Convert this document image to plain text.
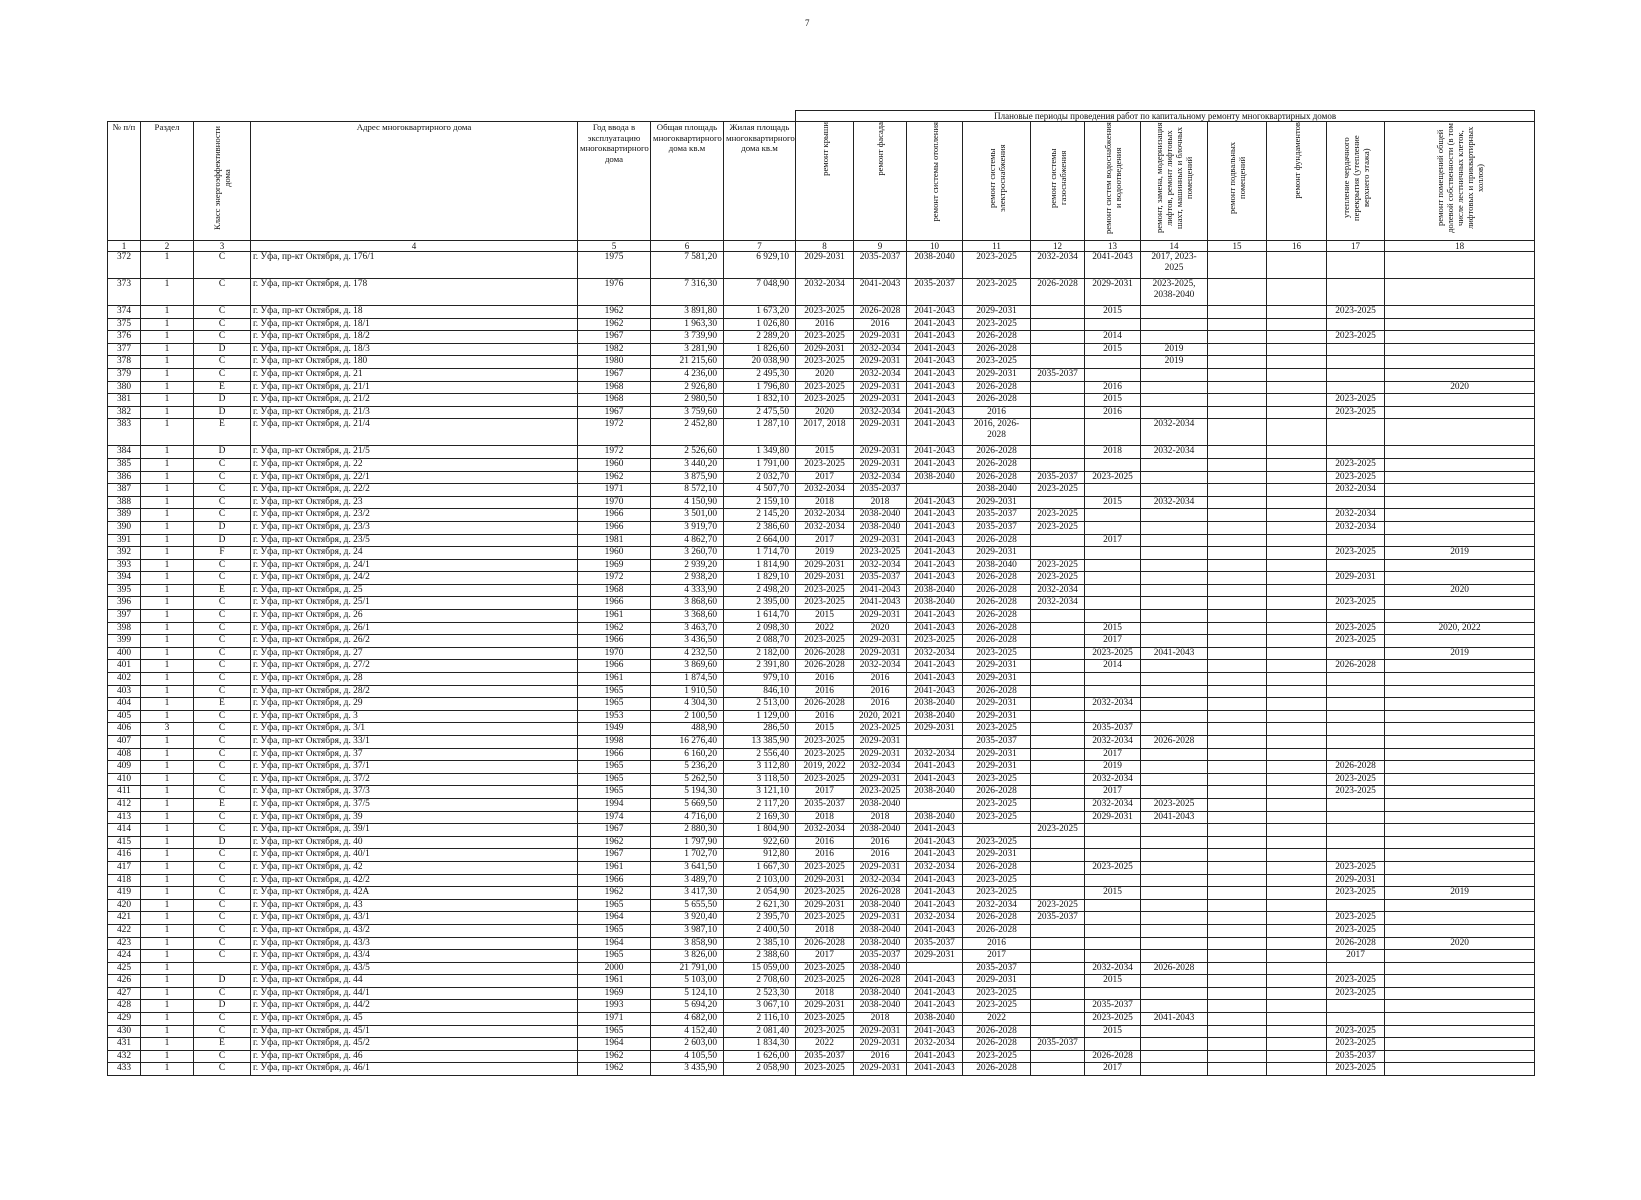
7
							Плановые периоды проведения работ по капитальному ремонту многоквартирных домов										
№ п/п	Раздел	Класс энергоэффективности дома	Адрес многоквартирного дома	Год ввода в эксплуатацию многоквартирного дома	Общая площадь многоквартирного дома кв.м	Жилая площадь многоквартирного дома кв.м	ремонт крыши	ремонт фасада	ремонт системы отопления	ремонт системы электроснабжения	ремонт системы газоснабжения	ремонт систем водоснабжения и водоотведения	ремонт, замена, модернизация лифтов, ремонт лифтовых шахт, машинных и блочных помещений	ремонт подвальных помещений	ремонт фундаментов	утепление чердачного перекрытия (утепление верхнего этажа)	ремонт помещений общей долевой собственности (в том числе лестничных клеток, лифтовых и приквартирных холлов)
1	2	3	4	5	6	7	8	9	10	11	12	13	14	15	16	17	18
372	1	C	г. Уфа, пр-кт Октября, д. 176/1	1975	7 581,20	6 929,10	2029-2031	2035-2037	2038-2040	2023-2025	2032-2034	2041-2043	2017, 2023-2025				
373	1	C	г. Уфа, пр-кт Октября, д. 178	1976	7 316,30	7 048,90	2032-2034	2041-2043	2035-2037	2023-2025	2026-2028	2029-2031	2023-2025, 2038-2040				
374	1	C	г. Уфа, пр-кт Октября, д. 18	1962	3 891,80	1 673,20	2023-2025	2026-2028	2041-2043	2029-2031		2015				2023-2025	
375	1	C	г. Уфа, пр-кт Октября, д. 18/1	1962	1 963,30	1 026,80	2016	2016	2041-2043	2023-2025							
376	1	C	г. Уфа, пр-кт Октября, д. 18/2	1967	3 739,90	2 289,20	2023-2025	2029-2031	2041-2043	2026-2028		2014				2023-2025	
377	1	D	г. Уфа, пр-кт Октября, д. 18/3	1982	3 281,90	1 826,60	2029-2031	2032-2034	2041-2043	2026-2028		2015	2019				
378	1	C	г. Уфа, пр-кт Октября, д. 180	1980	21 215,60	20 038,90	2023-2025	2029-2031	2041-2043	2023-2025			2019				
379	1	C	г. Уфа, пр-кт Октября, д. 21	1967	4 236,00	2 495,30	2020	2032-2034	2041-2043	2029-2031	2035-2037						
380	1	E	г. Уфа, пр-кт Октября, д. 21/1	1968	2 926,80	1 796,80	2023-2025	2029-2031	2041-2043	2026-2028		2016					2020
381	1	D	г. Уфа, пр-кт Октября, д. 21/2	1968	2 980,50	1 832,10	2023-2025	2029-2031	2041-2043	2026-2028		2015				2023-2025	
382	1	D	г. Уфа, пр-кт Октября, д. 21/3	1967	3 759,60	2 475,50	2020	2032-2034	2041-2043	2016		2016				2023-2025	
383	1	E	г. Уфа, пр-кт Октября, д. 21/4	1972	2 452,80	1 287,10	2017, 2018	2029-2031	2041-2043	2016, 2026-2028			2032-2034				
384	1	D	г. Уфа, пр-кт Октября, д. 21/5	1972	2 526,60	1 349,80	2015	2029-2031	2041-2043	2026-2028		2018	2032-2034				
385	1	C	г. Уфа, пр-кт Октября, д. 22	1960	3 440,20	1 791,00	2023-2025	2029-2031	2041-2043	2026-2028						2023-2025	
386	1	C	г. Уфа, пр-кт Октября, д. 22/1	1962	3 875,90	2 032,70	2017	2032-2034	2038-2040	2026-2028	2035-2037	2023-2025				2023-2025	
387	1	C	г. Уфа, пр-кт Октября, д. 22/2	1971	8 572,10	4 507,70	2032-2034	2035-2037		2038-2040	2023-2025					2032-2034	
388	1	C	г. Уфа, пр-кт Октября, д. 23	1970	4 150,90	2 159,10	2018	2018	2041-2043	2029-2031		2015	2032-2034				
389	1	C	г. Уфа, пр-кт Октября, д. 23/2	1966	3 501,00	2 145,20	2032-2034	2038-2040	2041-2043	2035-2037	2023-2025					2032-2034	
390	1	D	г. Уфа, пр-кт Октября, д. 23/3	1966	3 919,70	2 386,60	2032-2034	2038-2040	2041-2043	2035-2037	2023-2025					2032-2034	
391	1	D	г. Уфа, пр-кт Октября, д. 23/5	1981	4 862,70	2 664,00	2017	2029-2031	2041-2043	2026-2028		2017					
392	1	F	г. Уфа, пр-кт Октября, д. 24	1960	3 260,70	1 714,70	2019	2023-2025	2041-2043	2029-2031						2023-2025	2019
393	1	C	г. Уфа, пр-кт Октября, д. 24/1	1969	2 939,20	1 814,90	2029-2031	2032-2034	2041-2043	2038-2040	2023-2025						
394	1	C	г. Уфа, пр-кт Октября, д. 24/2	1972	2 938,20	1 829,10	2029-2031	2035-2037	2041-2043	2026-2028	2023-2025					2029-2031	
395	1	E	г. Уфа, пр-кт Октября, д. 25	1968	4 333,90	2 498,20	2023-2025	2041-2043	2038-2040	2026-2028	2032-2034						2020
396	1	C	г. Уфа, пр-кт Октября, д. 25/1	1966	3 868,60	2 395,00	2023-2025	2041-2043	2038-2040	2026-2028	2032-2034					2023-2025	
397	1	C	г. Уфа, пр-кт Октября, д. 26	1961	3 368,60	1 614,70	2015	2029-2031	2041-2043	2026-2028							
398	1	C	г. Уфа, пр-кт Октября, д. 26/1	1962	3 463,70	2 098,30	2022	2020	2041-2043	2026-2028		2015				2023-2025	2020, 2022
399	1	C	г. Уфа, пр-кт Октября, д. 26/2	1966	3 436,50	2 088,70	2023-2025	2029-2031	2023-2025	2026-2028		2017				2023-2025	
400	1	C	г. Уфа, пр-кт Октября, д. 27	1970	4 232,50	2 182,00	2026-2028	2029-2031	2032-2034	2023-2025		2023-2025	2041-2043				2019
401	1	C	г. Уфа, пр-кт Октября, д. 27/2	1966	3 869,60	2 391,80	2026-2028	2032-2034	2041-2043	2029-2031		2014				2026-2028	
402	1	C	г. Уфа, пр-кт Октября, д. 28	1961	1 874,50	979,10	2016	2016	2041-2043	2029-2031							
403	1	C	г. Уфа, пр-кт Октября, д. 28/2	1965	1 910,50	846,10	2016	2016	2041-2043	2026-2028							
404	1	E	г. Уфа, пр-кт Октября, д. 29	1965	4 304,30	2 513,00	2026-2028	2016	2038-2040	2029-2031		2032-2034					
405	1	C	г. Уфа, пр-кт Октября, д. 3	1953	2 100,50	1 129,00	2016	2020, 2021	2038-2040	2029-2031							
406	3	C	г. Уфа, пр-кт Октября, д. 3/1	1949	488,90	286,50	2015	2023-2025	2029-2031	2023-2025		2035-2037					
407	1	C	г. Уфа, пр-кт Октября, д. 33/1	1998	16 276,40	13 385,90	2023-2025	2029-2031		2035-2037		2032-2034	2026-2028				
408	1	C	г. Уфа, пр-кт Октября, д. 37	1966	6 160,20	2 556,40	2023-2025	2029-2031	2032-2034	2029-2031		2017					
409	1	C	г. Уфа, пр-кт Октября, д. 37/1	1965	5 236,20	3 112,80	2019, 2022	2032-2034	2041-2043	2029-2031		2019				2026-2028	
410	1	C	г. Уфа, пр-кт Октября, д. 37/2	1965	5 262,50	3 118,50	2023-2025	2029-2031	2041-2043	2023-2025		2032-2034				2023-2025	
411	1	C	г. Уфа, пр-кт Октября, д. 37/3	1965	5 194,30	3 121,10	2017	2023-2025	2038-2040	2026-2028		2017				2023-2025	
412	1	E	г. Уфа, пр-кт Октября, д. 37/5	1994	5 669,50	2 117,20	2035-2037	2038-2040		2023-2025		2032-2034	2023-2025				
413	1	C	г. Уфа, пр-кт Октября, д. 39	1974	4 716,00	2 169,30	2018	2018	2038-2040	2023-2025		2029-2031	2041-2043				
414	1	C	г. Уфа, пр-кт Октября, д. 39/1	1967	2 880,30	1 804,90	2032-2034	2038-2040	2041-2043		2023-2025						
415	1	D	г. Уфа, пр-кт Октября, д. 40	1962	1 797,90	922,60	2016	2016	2041-2043	2023-2025							
416	1	C	г. Уфа, пр-кт Октября, д. 40/1	1967	1 702,70	912,80	2016	2016	2041-2043	2029-2031							
417	1	C	г. Уфа, пр-кт Октября, д. 42	1961	3 641,50	1 667,30	2023-2025	2029-2031	2032-2034	2026-2028		2023-2025				2023-2025	
418	1	C	г. Уфа, пр-кт Октября, д. 42/2	1966	3 489,70	2 103,00	2029-2031	2032-2034	2041-2043	2023-2025						2029-2031	
419	1	C	г. Уфа, пр-кт Октября, д. 42А	1962	3 417,30	2 054,90	2023-2025	2026-2028	2041-2043	2023-2025		2015				2023-2025	2019
420	1	C	г. Уфа, пр-кт Октября, д. 43	1965	5 655,50	2 621,30	2029-2031	2038-2040	2041-2043	2032-2034	2023-2025						
421	1	C	г. Уфа, пр-кт Октября, д. 43/1	1964	3 920,40	2 395,70	2023-2025	2029-2031	2032-2034	2026-2028	2035-2037					2023-2025	
422	1	C	г. Уфа, пр-кт Октября, д. 43/2	1965	3 987,10	2 400,50	2018	2038-2040	2041-2043	2026-2028						2023-2025	
423	1	C	г. Уфа, пр-кт Октября, д. 43/3	1964	3 858,90	2 385,10	2026-2028	2038-2040	2035-2037	2016						2026-2028	2020
424	1	C	г. Уфа, пр-кт Октября, д. 43/4	1965	3 826,00	2 388,60	2017	2035-2037	2029-2031	2017						2017	
425	1		г. Уфа, пр-кт Октября, д. 43/5	2000	21 791,00	15 059,00	2023-2025	2038-2040		2035-2037		2032-2034	2026-2028				
426	1	D	г. Уфа, пр-кт Октября, д. 44	1961	5 103,00	2 708,60	2023-2025	2026-2028	2041-2043	2029-2031		2015				2023-2025	
427	1	C	г. Уфа, пр-кт Октября, д. 44/1	1969	5 124,10	2 523,30	2018	2038-2040	2041-2043	2023-2025						2023-2025	
428	1	D	г. Уфа, пр-кт Октября, д. 44/2	1993	5 694,20	3 067,10	2029-2031	2038-2040	2041-2043	2023-2025		2035-2037					
429	1	C	г. Уфа, пр-кт Октября, д. 45	1971	4 682,00	2 116,10	2023-2025	2018	2038-2040	2022		2023-2025	2041-2043				
430	1	C	г. Уфа, пр-кт Октября, д. 45/1	1965	4 152,40	2 081,40	2023-2025	2029-2031	2041-2043	2026-2028		2015				2023-2025	
431	1	E	г. Уфа, пр-кт Октября, д. 45/2	1964	2 603,00	1 834,30	2022	2029-2031	2032-2034	2026-2028	2035-2037					2023-2025	
432	1	C	г. Уфа, пр-кт Октября, д. 46	1962	4 105,50	1 626,00	2035-2037	2016	2041-2043	2023-2025		2026-2028				2035-2037	
433	1	C	г. Уфа, пр-кт Октября, д. 46/1	1962	3 435,90	2 058,90	2023-2025	2029-2031	2041-2043	2026-2028		2017				2023-2025	
